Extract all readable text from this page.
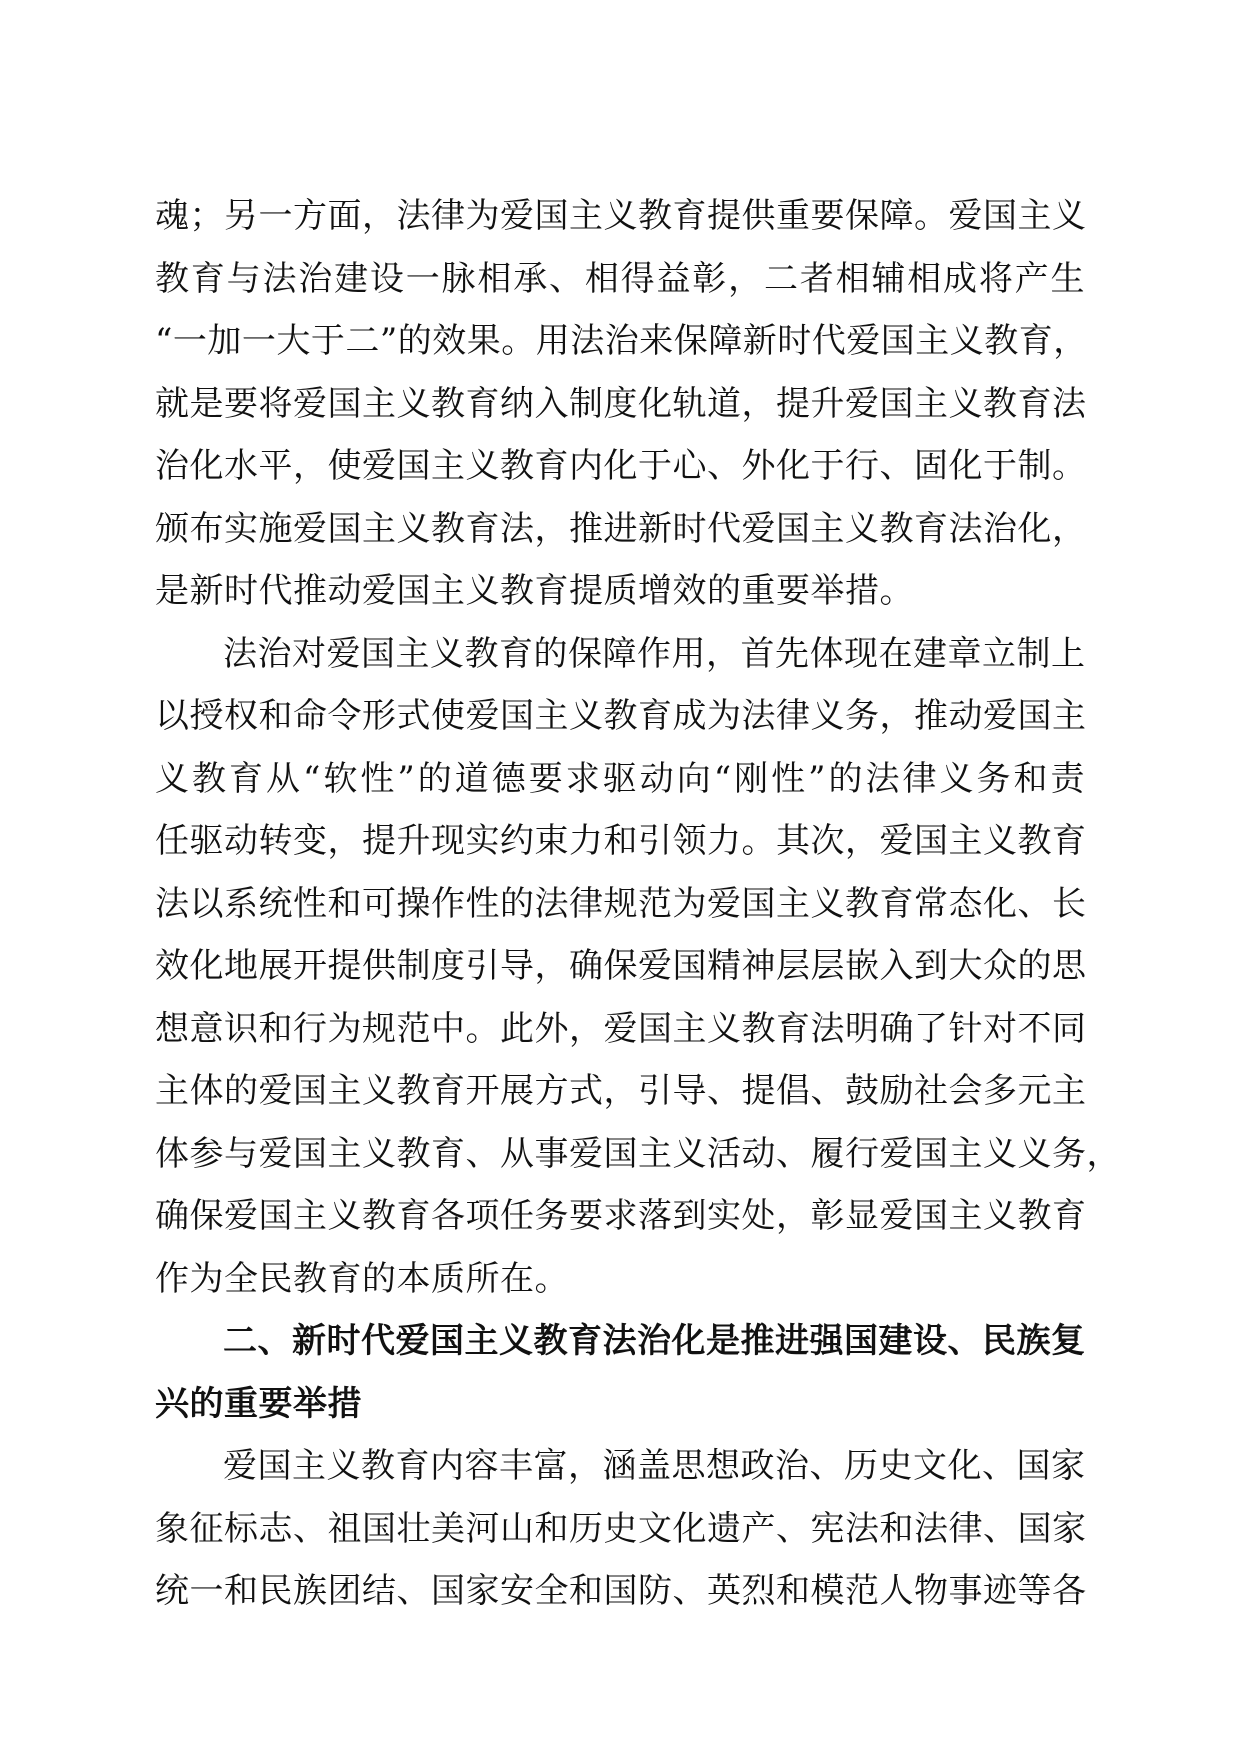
魂；另一方面，法律为爱国主义教育提供重要保障。爱国主义
教育与法治建设一脉相承、相得益彰，二者相辅相成将产生
“一加一大于二”的效果。用法治来保障新时代爱国主义教育，
就是要将爱国主义教育纳入制度化轨道，提升爱国主义教育法
治化水平，使爱国主义教育内化于心、外化于行、固化于制。
颁布实施爱国主义教育法，推进新时代爱国主义教育法治化，
是新时代推动爱国主义教育提质增效的重要举措。
法治对爱国主义教育的保障作用，首先体现在建章立制上
以授权和命令形式使爱国主义教育成为法律义务，推动爱国主
义教育从“软性”的道德要求驱动向“刚性”的法律义务和责
任驱动转变，提升现实约束力和引领力。其次，爱国主义教育
法以系统性和可操作性的法律规范为爱国主义教育常态化、长
效化地展开提供制度引导，确保爱国精神层层嵌入到大众的思
想意识和行为规范中。此外，爱国主义教育法明确了针对不同
主体的爱国主义教育开展方式，引导、提倡、鼓励社会多元主
体参与爱国主义教育、从事爱国主义活动、履行爱国主义义务，
确保爱国主义教育各项任务要求落到实处，彰显爱国主义教育
作为全民教育的本质所在。
二、新时代爱国主义教育法治化是推进强国建设、民族复
兴的重要举措
爱国主义教育内容丰富，涵盖思想政治、历史文化、国家
象征标志、祖国壮美河山和历史文化遗产、宪法和法律、国家
统一和民族团结、国家安全和国防、英烈和模范人物事迹等各
